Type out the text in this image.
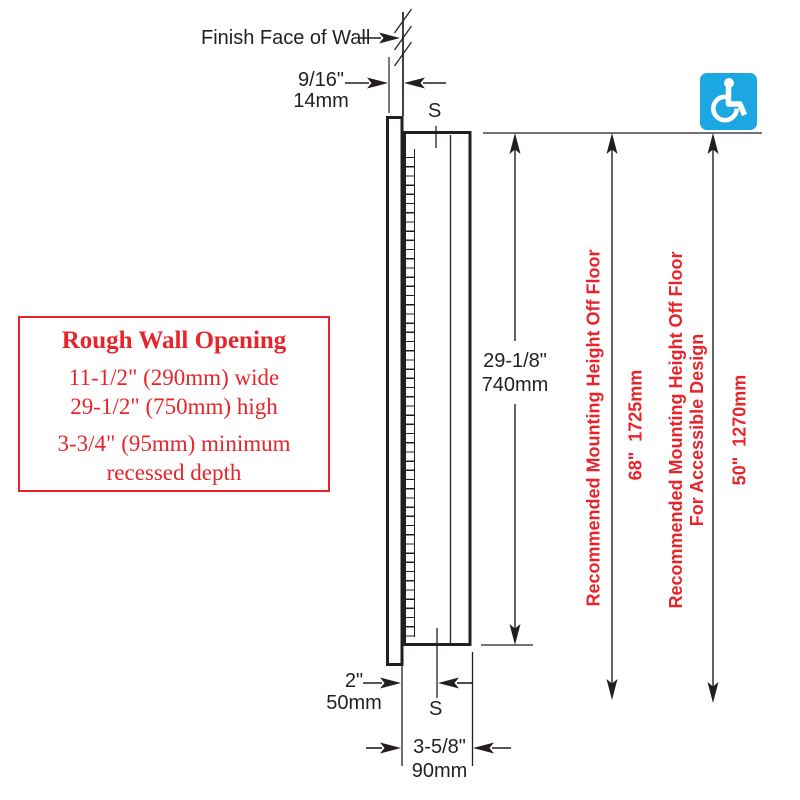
Finish Face of Wall
9/16"
14mm	S
29-1/8"
740mm
2"
50mm	S
3-5/8"
90mm
Recommended Mounting Height Off Floor 68"  1725mm Recommended Mounting Height Off Floor For Accessible Design 50"  1270mm
Rough Wall Opening
11-1/2" (290mm) wide
29-1/2" (750mm) high
3-3/4" (95mm) minimum
recessed depth
